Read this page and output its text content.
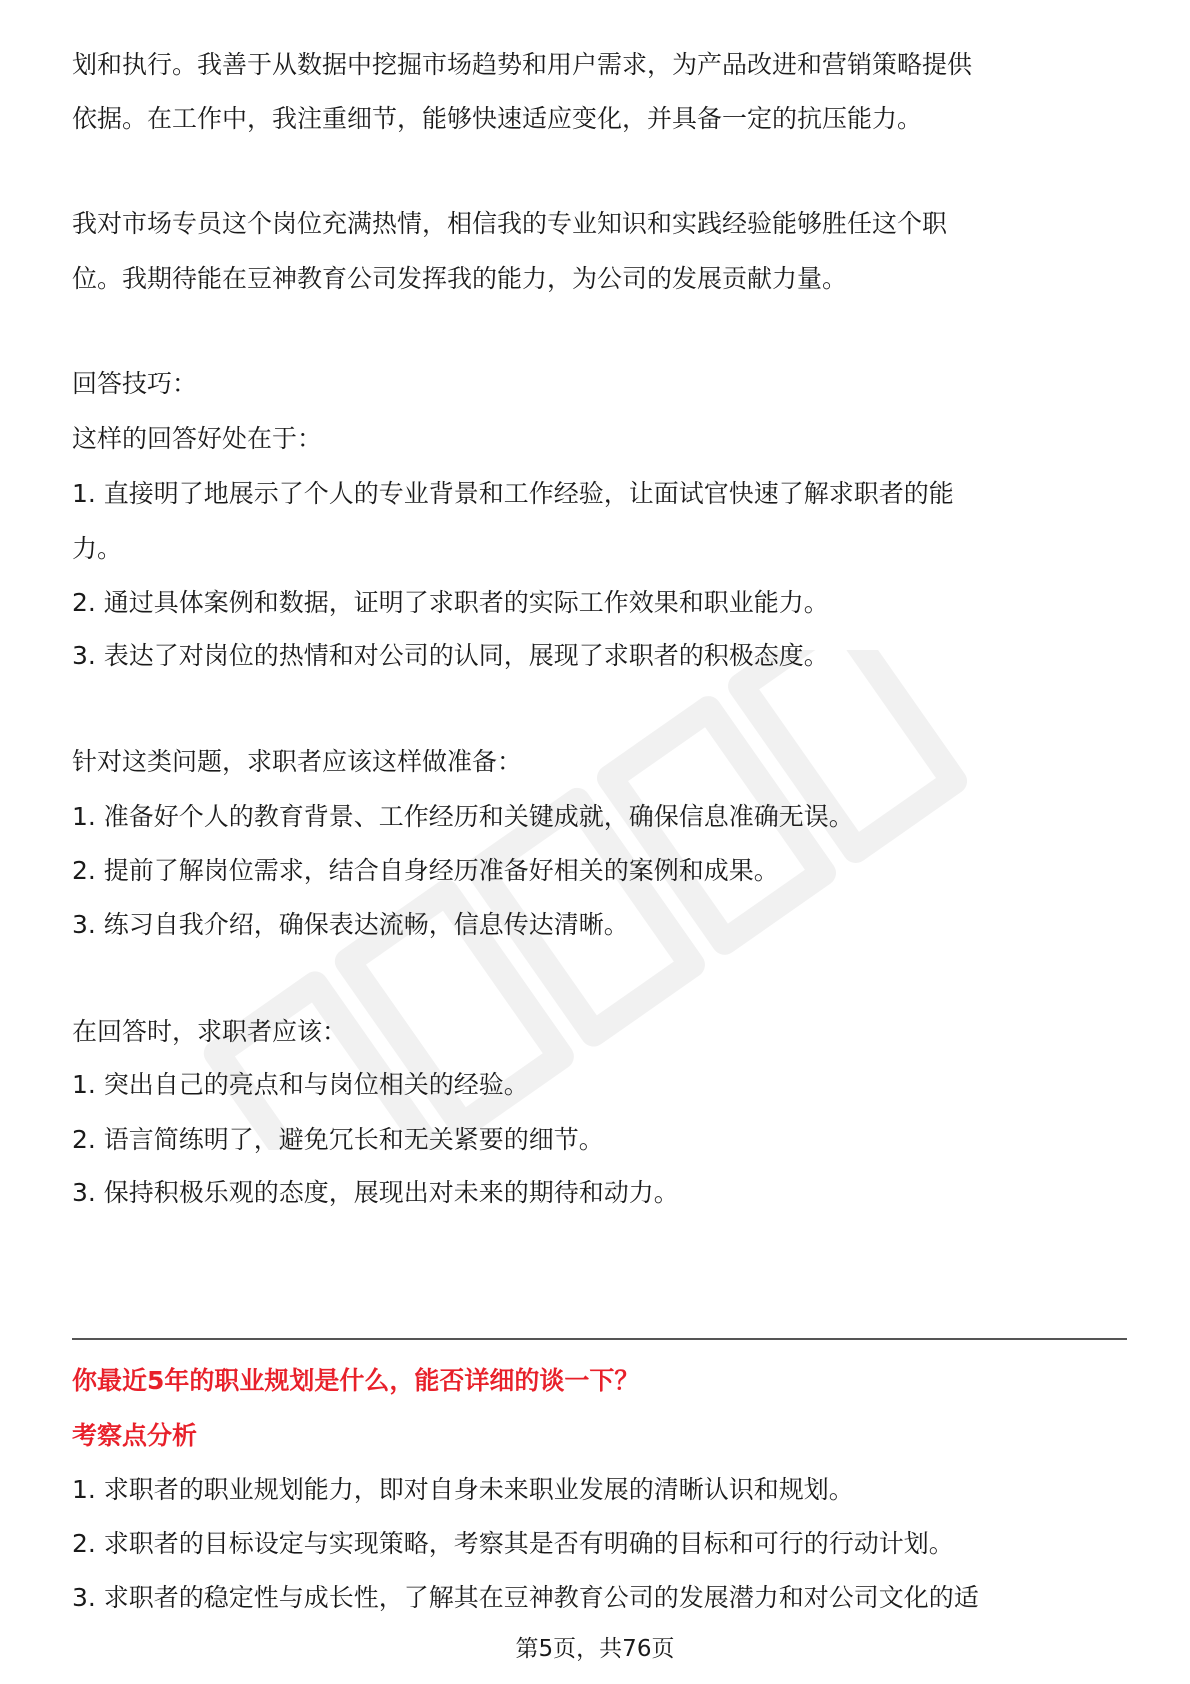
划和执行。我善于从数据中挖掘市场趋势和用户需求，为产品改进和营销策略提供
依据。在工作中，我注重细节，能够快速适应变化，并具备一定的抗压能力。
我对市场专员这个岗位充满热情，相信我的专业知识和实践经验能够胜任这个职
位。我期待能在豆神教育公司发挥我的能力，为公司的发展贡献力量。
回答技巧：
这样的回答好处在于：
1. 直接明了地展示了个人的专业背景和工作经验，让面试官快速了解求职者的能
力。
2. 通过具体案例和数据，证明了求职者的实际工作效果和职业能力。
3. 表达了对岗位的热情和对公司的认同，展现了求职者的积极态度。
针对这类问题，求职者应该这样做准备：
1. 准备好个人的教育背景、工作经历和关键成就，确保信息准确无误。
2. 提前了解岗位需求，结合自身经历准备好相关的案例和成果。
3. 练习自我介绍，确保表达流畅，信息传达清晰。
在回答时，求职者应该：
1. 突出自己的亮点和与岗位相关的经验。
2. 语言简练明了，避免冗长和无关紧要的细节。
3. 保持积极乐观的态度，展现出对未来的期待和动力。
你最近5年的职业规划是什么，能否详细的谈一下？
考察点分析
1. 求职者的职业规划能力，即对自身未来职业发展的清晰认识和规划。
2. 求职者的目标设定与实现策略，考察其是否有明确的目标和可行的行动计划。
3. 求职者的稳定性与成长性，了解其在豆神教育公司的发展潜力和对公司文化的适
第5页，共76页
